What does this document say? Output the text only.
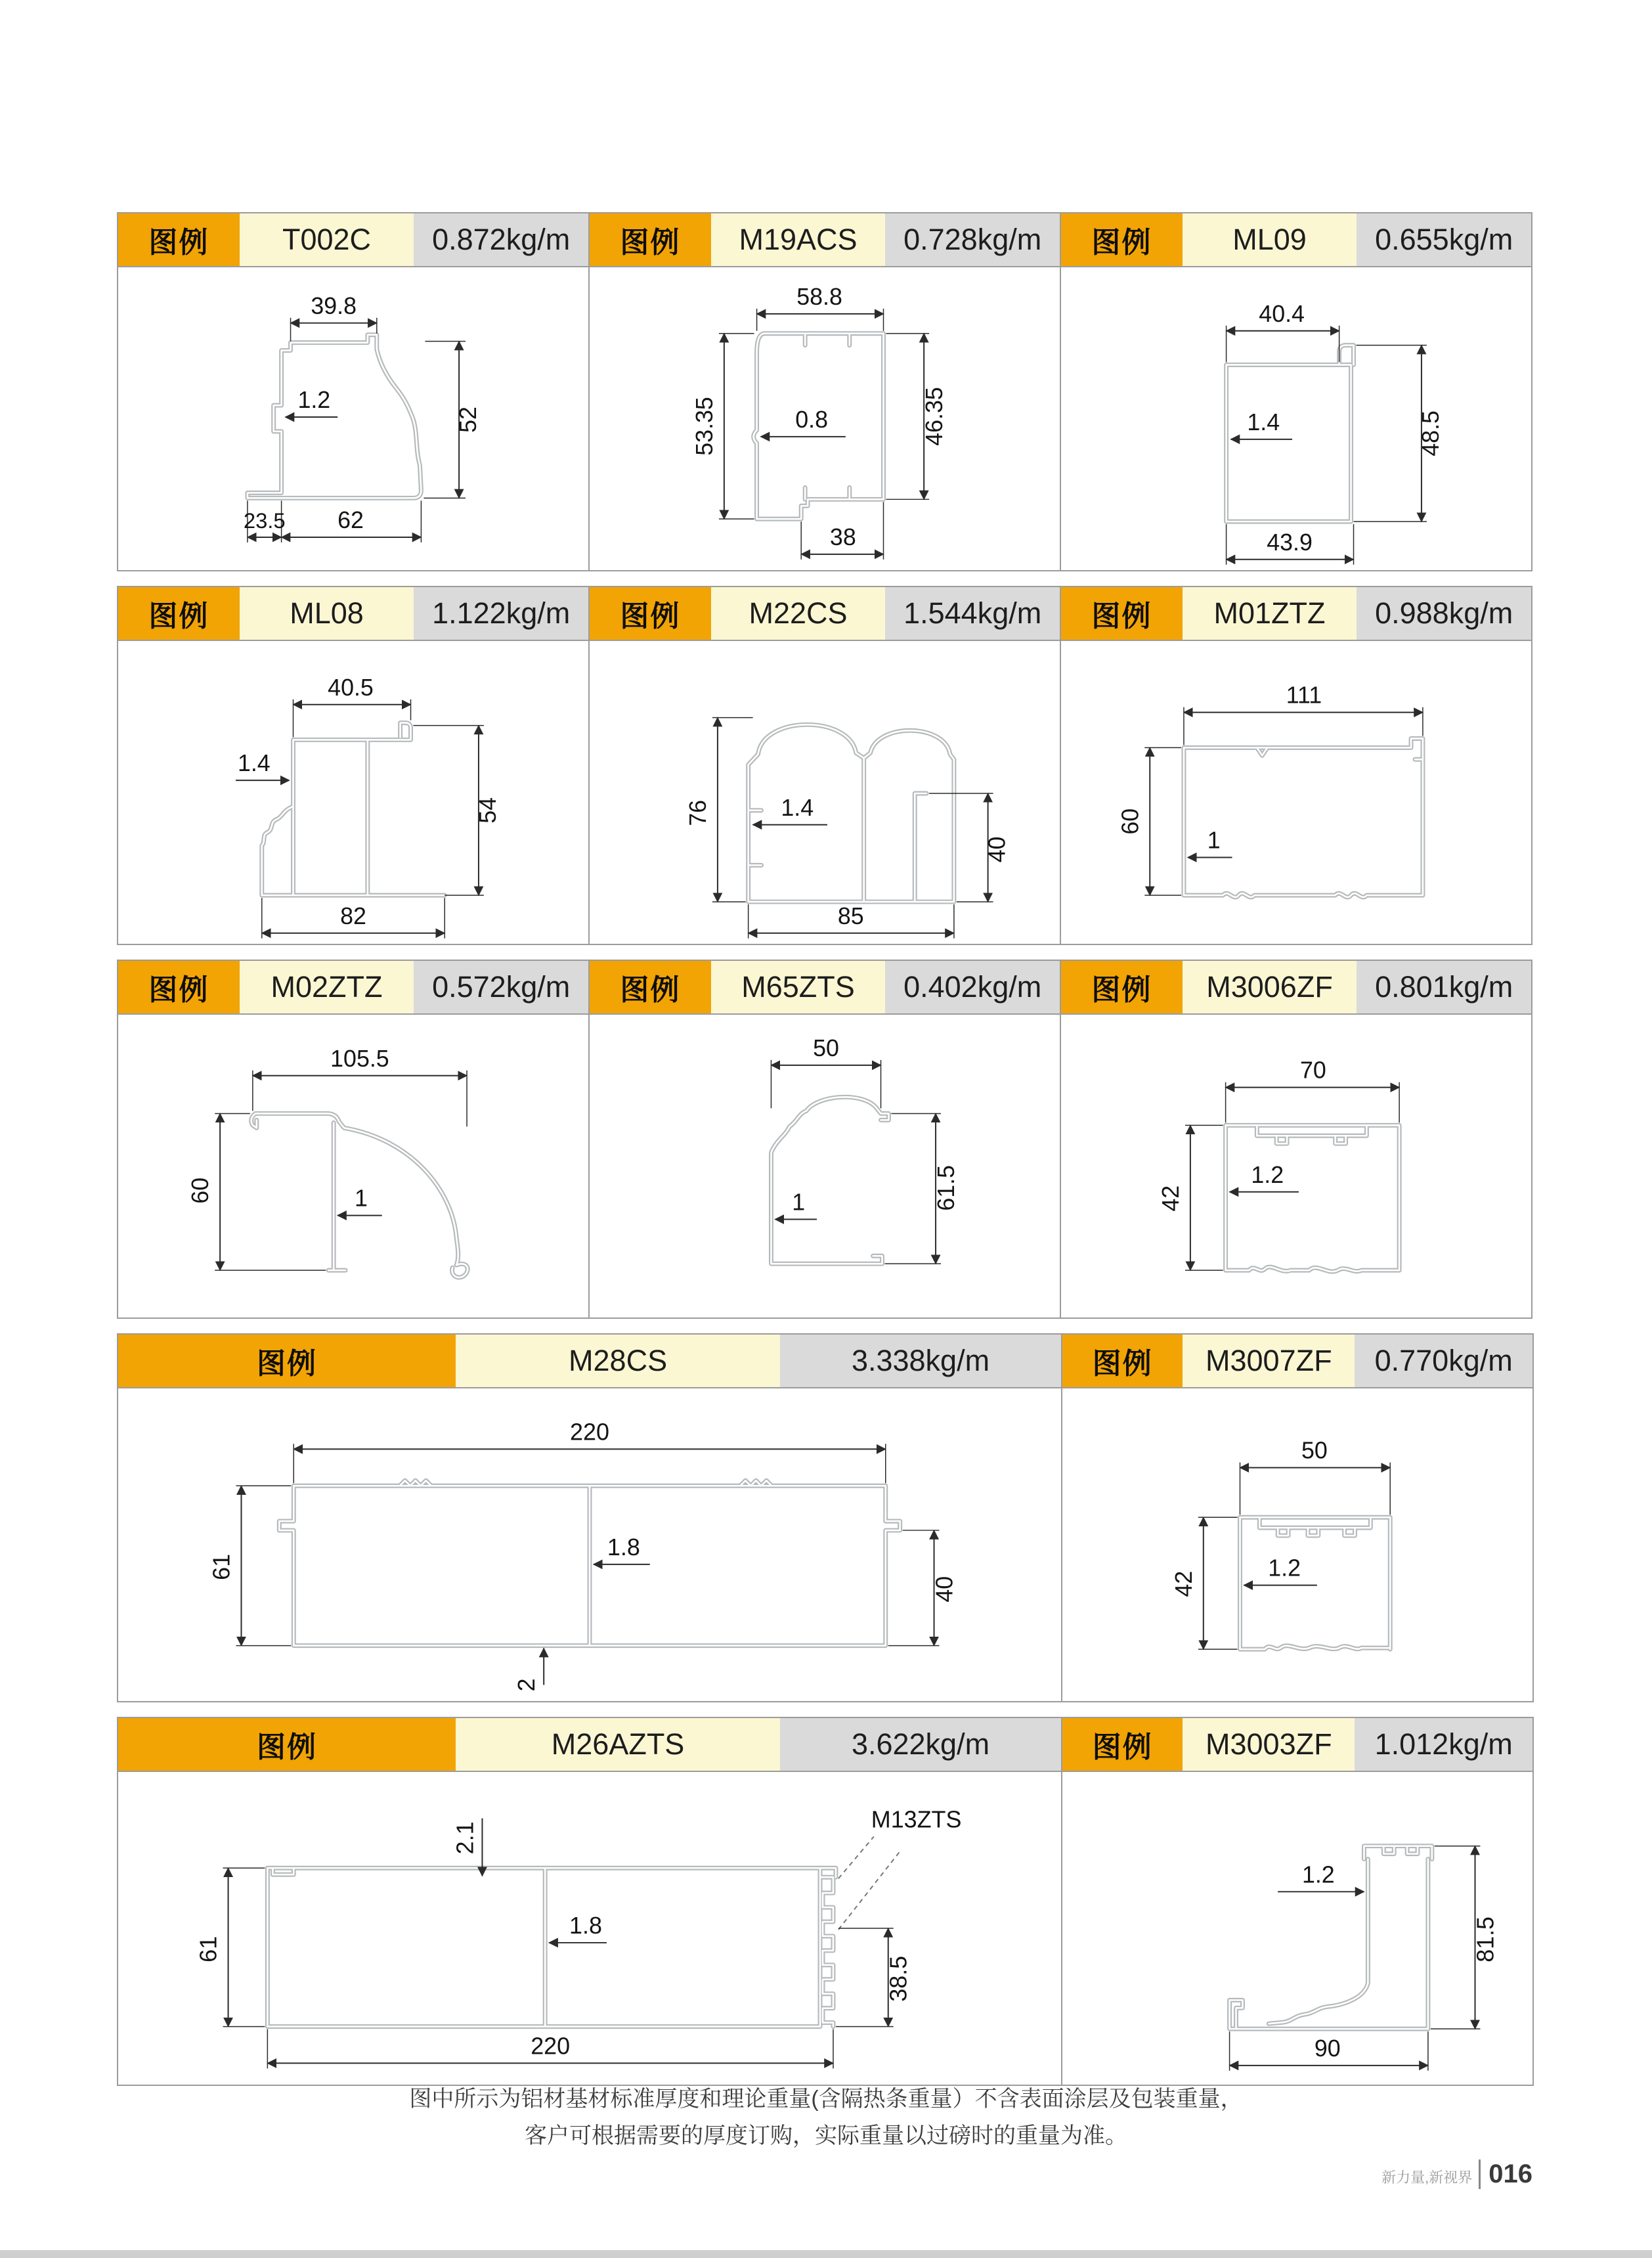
图例	T002C	0.872kg/m
39.8
1.2
52
23.5 62
图例	M19ACS	0.728kg/m
58.8
53.35	0.8	46.35
38
图例	ML09	0.655kg/m
40.4
1.4	48.5
43.9
图例	ML08	1.122kg/m
40.5
1.4
54
82
图例	M22CS	1.544kg/m
76	1.4
40
85
图例	M01ZTZ	0.988kg/m
111
60
1
图例	M02ZTZ	0.572kg/m
105.5
60	1
图例	M65ZTS	0.402kg/m
50
1	61.5
图例	M3006ZF	0.801kg/m
70
42
1.2
图例	M28CS	3.338kg/m
220
61
1.8
2
40
图例	M3007ZF	0.770kg/m
50
42
1.2
图例	M26AZTS	3.622kg/m
M13ZTS
2.1
61
1.8
220
38.5
图例	M3003ZF	1.012kg/m
1.2
81.5
90
图中所示为铝材基材标准厚度和理论重量(含隔热条重量）不含表面涂层及包装重量，
客户可根据需要的厚度订购，实际重量以过磅时的重量为准。
新力量,新视界 016
